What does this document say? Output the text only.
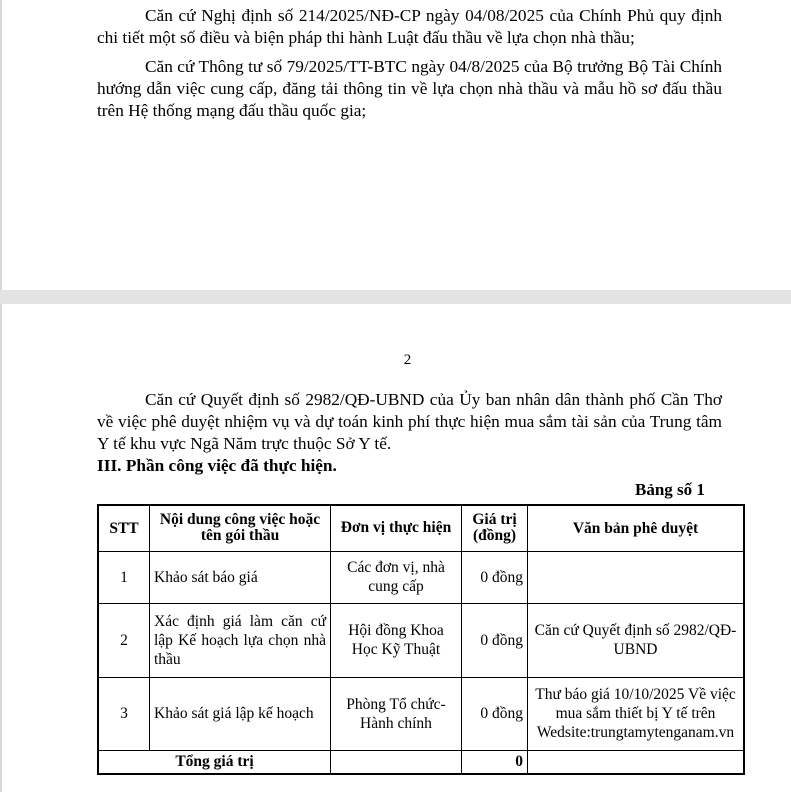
Căn cứ Nghị định số 214/2025/NĐ-CP ngày 04/08/2025 của Chính Phủ quy định chi tiết một số điều và biện pháp thi hành Luật đấu thầu về lựa chọn nhà thầu;

Căn cứ Thông tư số 79/2025/TT-BTC ngày 04/8/2025 của Bộ trưởng Bộ Tài Chính hướng dẫn việc cung cấp, đăng tải thông tin về lựa chọn nhà thầu và mẫu hồ sơ đấu thầu trên Hệ thống mạng đấu thầu quốc gia;

2

Căn cứ Quyết định số 2982/QĐ-UBND của Ủy ban nhân dân thành phố Cần Thơ về việc phê duyệt nhiệm vụ và dự toán kinh phí thực hiện mua sắm tài sản của Trung tâm Y tế khu vực Ngã Năm trực thuộc Sở Y tế.

III. Phần công việc đã thực hiện.

Bảng số 1
STT	Nội dung công việc hoặc tên gói thầu	Đơn vị thực hiện	Giá trị (đồng)	Văn bản phê duyệt
1	Khảo sát báo giá	Các đơn vị, nhà cung cấp	0 đồng	
2	Xác định giá làm căn cứ lập Kế hoạch lựa chọn nhà thầu	Hội đồng Khoa Học Kỹ Thuật	0 đồng	Căn cứ Quyết định số 2982/QĐ-UBND
3	Khảo sát giá lập kế hoạch	Phòng Tổ chức-Hành chính	0 đồng	Thư báo giá 10/10/2025 Về việc mua sắm thiết bị Y tế trên Wedsite:trungtamytenganam.vn
Tổng giá trị			0	
